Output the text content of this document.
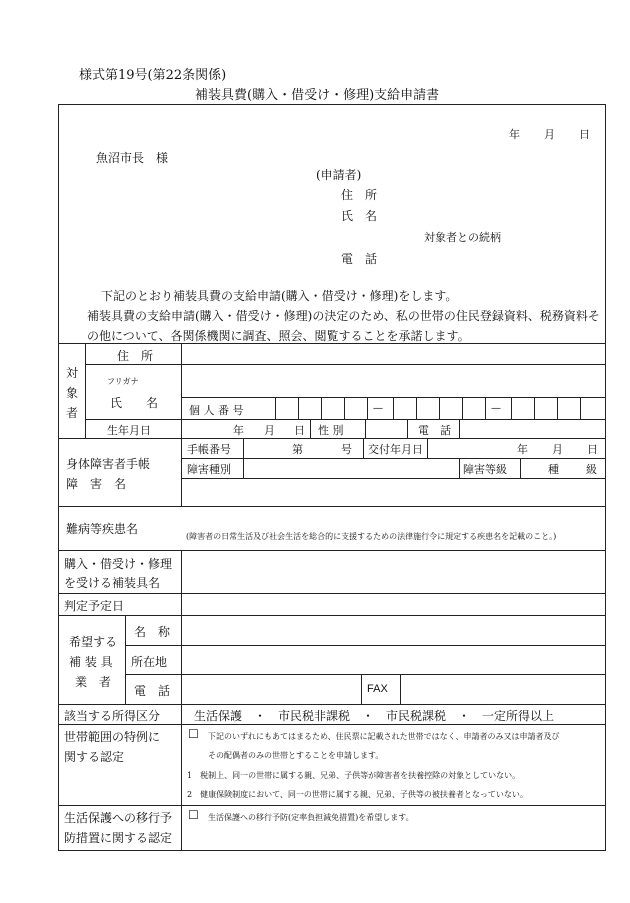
様式第19号(第22条関係)
補装具費(購入・借受け・修理)支給申請書
年 月 日
魚沼市長　様
(申請者)
住　所
氏　名
対象者との続柄
電　話
下記のとおり補装具費の支給申請(購入・借受け・修理)をします。
補装具費の支給申請(購入・借受け・修理)の決定のため、私の世帯の住民登録資料、税務資料そ
の他について、各関係機関に調査、照会、閲覧することを承諾します。
対
象
者
住　所
フリガナ
氏　　名
個 人 番 号	—	—
生年月日	年 月 日 性 別	電　話
身体障害者手帳
障　害　名
手帳番号	第	号 交付年月日	年 月 日
障害種別	障害等級	種 級
難病等疾患名
(障害者の日常生活及び社会生活を総合的に支援するための法律施行令に規定する疾患名を記載のこと。)
購入・借受け・修理
を受ける補装具名
判定予定日
希望する
補 装 具
業　者
名　称
所在地
電　話	FAX
該当する所得区分	生活保護　・　市民税非課税　・　市民税課税　・　一定所得以上
世帯範囲の特例に
関する認定
☐ 下記のいずれにもあてはまるため、住民票に記載された世帯ではなく、申請者のみ又は申請者及び
その配偶者のみの世帯とすることを申請します。
1　税制上、同一の世帯に属する親、兄弟、子供等が障害者を扶養控除の対象としていない。
2　健康保険制度において、同一の世帯に属する親、兄弟、子供等の被扶養者となっていない。
生活保護への移行予
防措置に関する認定
☐ 生活保護への移行予防(定率負担減免措置)を希望します。
